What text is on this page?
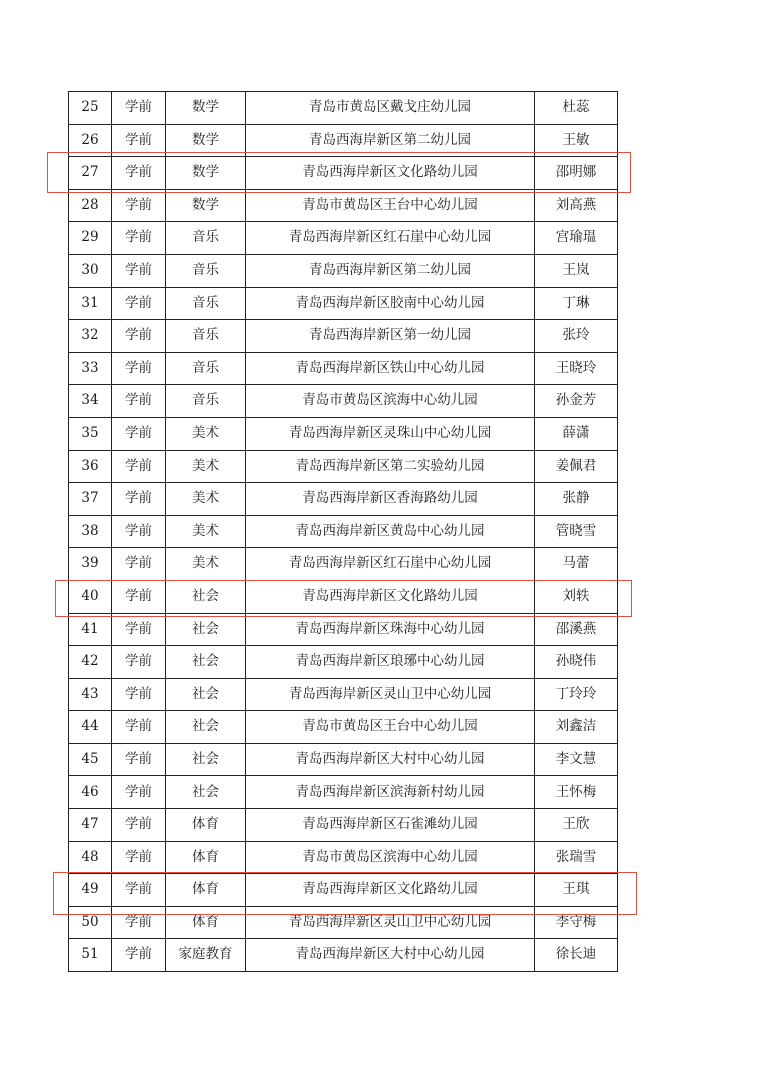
25	学前	数学	青岛市黄岛区戴戈庄幼儿园	杜蕊
26	学前	数学	青岛西海岸新区第二幼儿园	王敏
27	学前	数学	青岛西海岸新区文化路幼儿园	邵明娜
28	学前	数学	青岛市黄岛区王台中心幼儿园	刘高燕
29	学前	音乐	青岛西海岸新区红石崖中心幼儿园	宫瑜瑥
30	学前	音乐	青岛西海岸新区第二幼儿园	王岚
31	学前	音乐	青岛西海岸新区胶南中心幼儿园	丁琳
32	学前	音乐	青岛西海岸新区第一幼儿园	张玲
33	学前	音乐	青岛西海岸新区铁山中心幼儿园	王晓玲
34	学前	音乐	青岛市黄岛区滨海中心幼儿园	孙金芳
35	学前	美术	青岛西海岸新区灵珠山中心幼儿园	薛潇
36	学前	美术	青岛西海岸新区第二实验幼儿园	姜佩君
37	学前	美术	青岛西海岸新区香海路幼儿园	张静
38	学前	美术	青岛西海岸新区黄岛中心幼儿园	管晓雪
39	学前	美术	青岛西海岸新区红石崖中心幼儿园	马蕾
40	学前	社会	青岛西海岸新区文化路幼儿园	刘轶
41	学前	社会	青岛西海岸新区珠海中心幼儿园	邵溪燕
42	学前	社会	青岛西海岸新区琅琊中心幼儿园	孙晓伟
43	学前	社会	青岛西海岸新区灵山卫中心幼儿园	丁玲玲
44	学前	社会	青岛市黄岛区王台中心幼儿园	刘鑫洁
45	学前	社会	青岛西海岸新区大村中心幼儿园	李文慧
46	学前	社会	青岛西海岸新区滨海新村幼儿园	王怀梅
47	学前	体育	青岛西海岸新区石雀滩幼儿园	王欣
48	学前	体育	青岛市黄岛区滨海中心幼儿园	张瑞雪
49	学前	体育	青岛西海岸新区文化路幼儿园	王琪
50	学前	体育	青岛西海岸新区灵山卫中心幼儿园	李守梅
51	学前	家庭教育	青岛西海岸新区大村中心幼儿园	徐长迪
